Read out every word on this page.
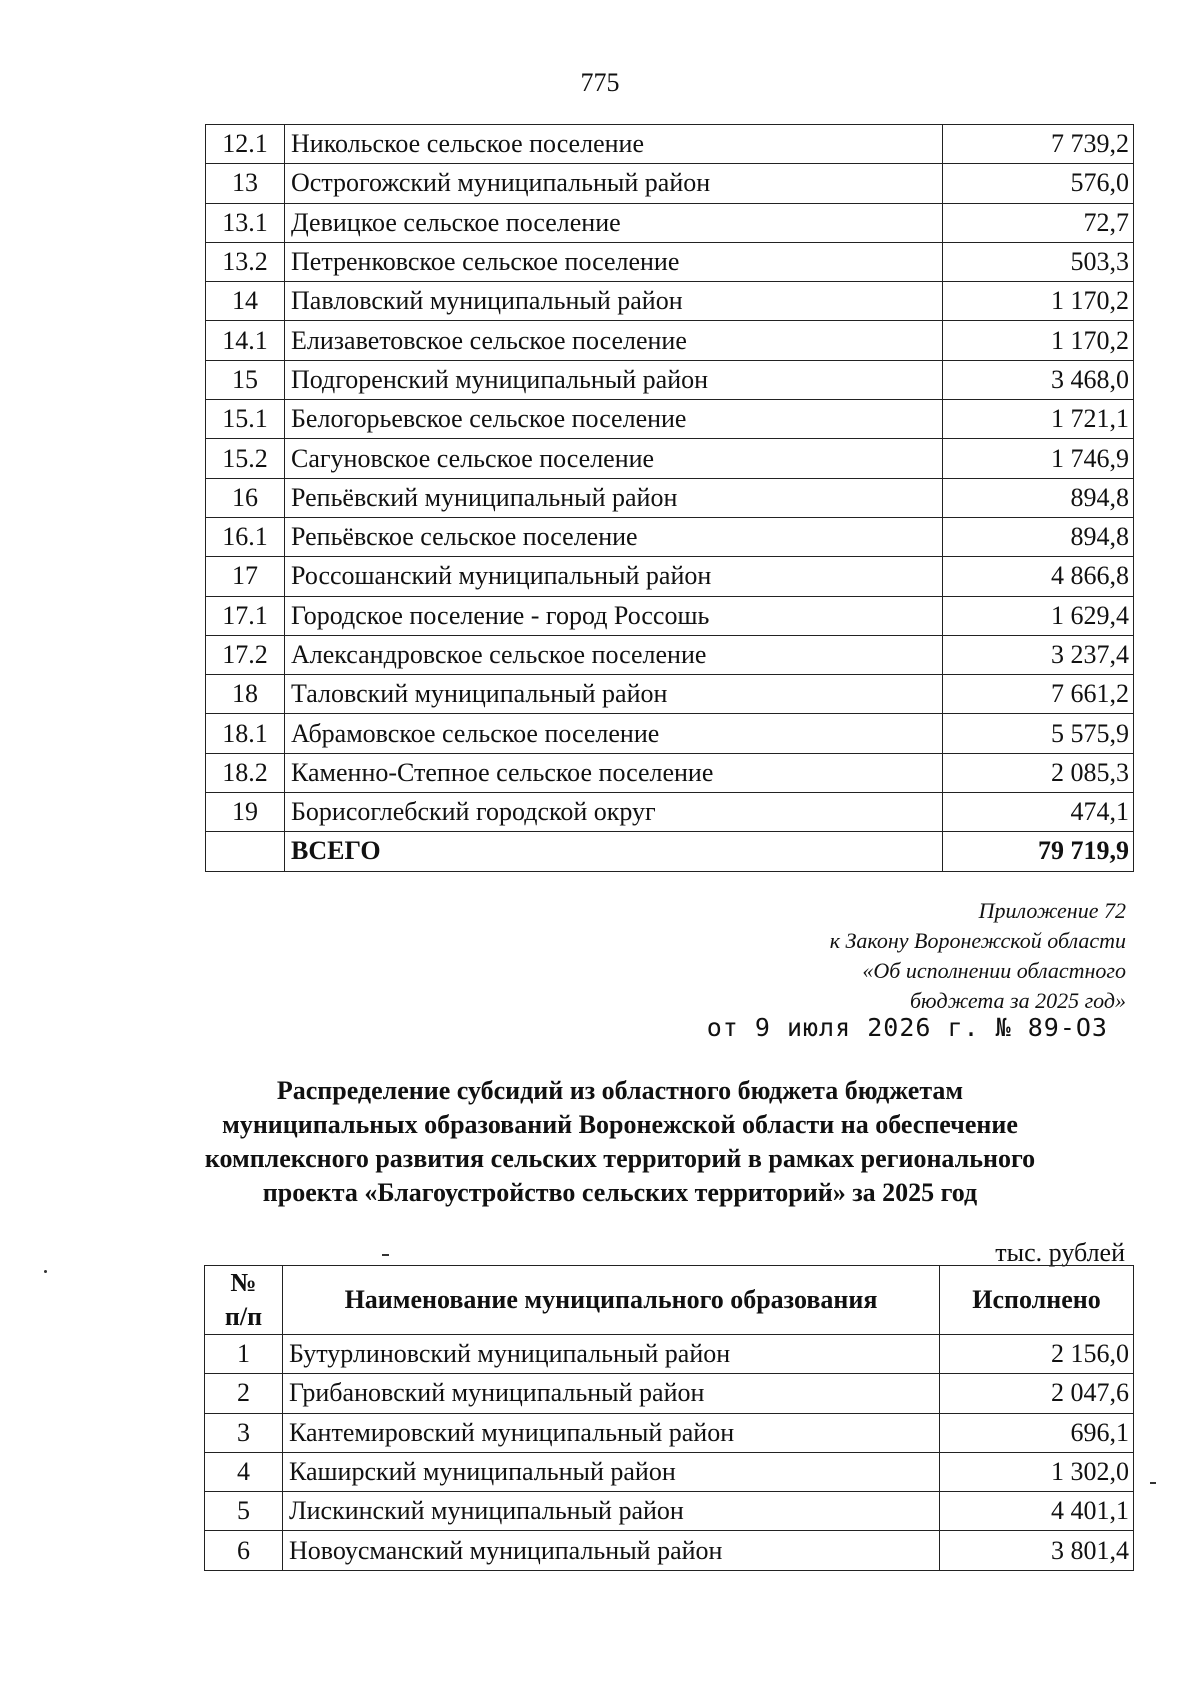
775
12.1	Никольское сельское поселение	7 739,2
13	Острогожский муниципальный район	576,0
13.1	Девицкое сельское поселение	72,7
13.2	Петренковское сельское поселение	503,3
14	Павловский муниципальный район	1 170,2
14.1	Елизаветовское сельское поселение	1 170,2
15	Подгоренский муниципальный район	3 468,0
15.1	Белогорьевское сельское поселение	1 721,1
15.2	Сагуновское сельское поселение	1 746,9
16	Репьёвский муниципальный район	894,8
16.1	Репьёвское сельское поселение	894,8
17	Россошанский муниципальный район	4 866,8
17.1	Городское поселение - город Россошь	1 629,4
17.2	Александровское сельское поселение	3 237,4
18	Таловский муниципальный район	7 661,2
18.1	Абрамовское сельское поселение	5 575,9
18.2	Каменно-Степное сельское поселение	2 085,3
19	Борисоглебский городской округ	474,1
	ВСЕГО	79 719,9
Приложение 72
к Закону Воронежской области
«Об исполнении областного
бюджета за 2025 год»
от 9 июля 2026 г. № 89-ОЗ
Распределение субсидий из областного бюджета бюджетам
муниципальных образований Воронежской области на обеспечение
комплексного развития сельских территорий в рамках регионального
проекта «Благоустройство сельских территорий» за 2025 год
тыс. рублей
№
п/п	Наименование муниципального образования	Исполнено
1	Бутурлиновский муниципальный район	2 156,0
2	Грибановский муниципальный район	2 047,6
3	Кантемировский муниципальный район	696,1
4	Каширский муниципальный район	1 302,0
5	Лискинский муниципальный район	4 401,1
6	Новоусманский муниципальный район	3 801,4
